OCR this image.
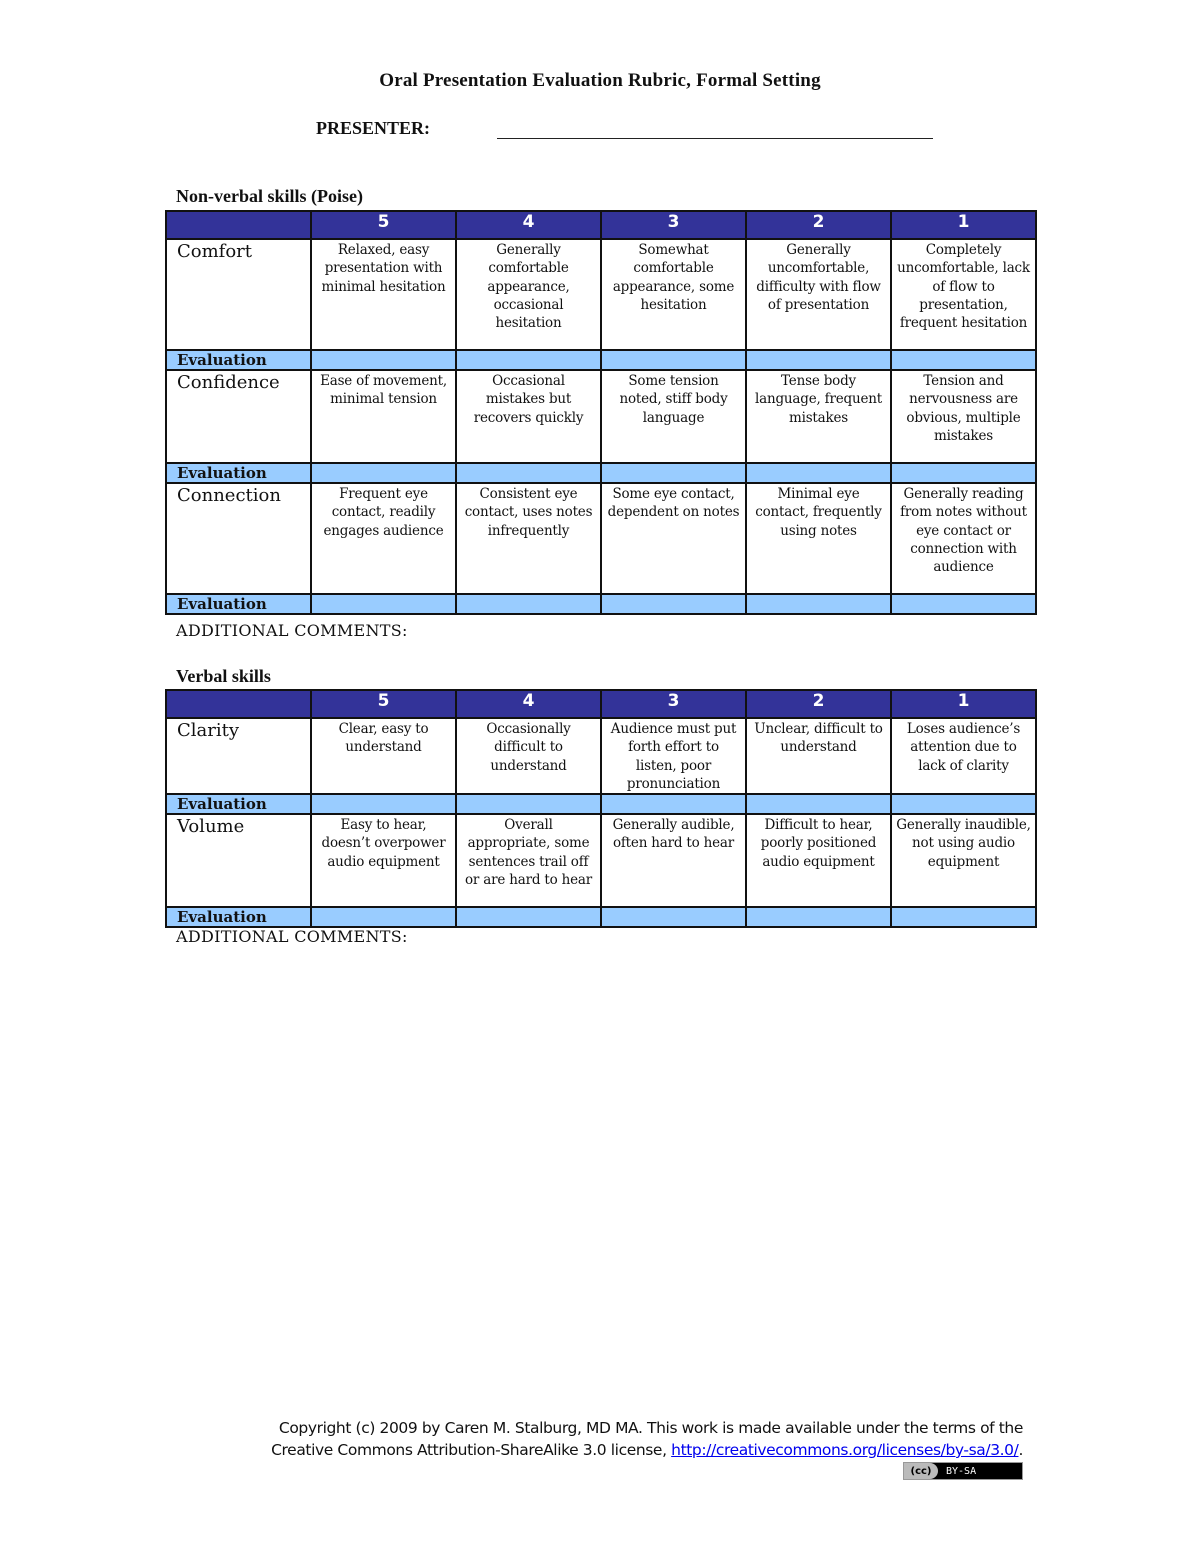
Oral Presentation Evaluation Rubric, Formal Setting
PRESENTER:
Non-verbal skills (Poise)
	5	4	3	2	1
Comfort	Relaxed, easy presentation with minimal hesitation	Generally comfortable appearance, occasional hesitation	Somewhat comfortable appearance, some hesitation	Generally uncomfortable, difficulty with flow of presentation	Completely uncomfortable, lack of flow to presentation, frequent hesitation
Evaluation					
Confidence	Ease of movement, minimal tension	Occasional mistakes but recovers quickly	Some tension noted, stiff body language	Tense body language, frequent mistakes	Tension and nervousness are obvious, multiple mistakes
Evaluation					
Connection	Frequent eye contact, readily engages audience	Consistent eye contact, uses notes infrequently	Some eye contact, dependent on notes	Minimal eye contact, frequently using notes	Generally reading from notes without eye contact or connection with audience
Evaluation					
ADDITIONAL COMMENTS:
Verbal skills
	5	4	3	2	1
Clarity	Clear, easy to understand	Occasionally difficult to understand	Audience must put forth effort to listen, poor pronunciation	Unclear, difficult to understand	Loses audience’s attention due to lack of clarity
Evaluation					
Volume	Easy to hear, doesn’t overpower audio equipment	Overall appropriate, some sentences trail off or are hard to hear	Generally audible, often hard to hear	Difficult to hear, poorly positioned audio equipment	Generally inaudible, not using audio equipment
Evaluation					
ADDITIONAL COMMENTS:
Copyright (c) 2009 by Caren M. Stalburg, MD MA. This work is made available under the terms of the
Creative Commons Attribution-ShareAlike 3.0 license, http://creativecommons.org/licenses/by-sa/3.0/.
(cc)	BY-SA
